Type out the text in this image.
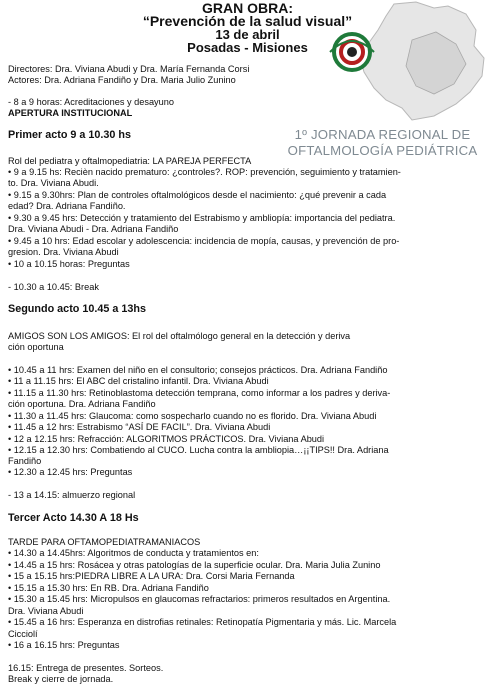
GRAN OBRA:
“Prevención de la salud visual”
13 de abril
Posadas - Misiones
1º JORNADA REGIONAL DE
OFTALMOLOGÍA PEDIÁTRICA
Directores: Dra. Viviana Abudi y Dra. María Fernanda Corsi
Actores: Dra. Adriana Fandiño y Dra. Maria Julio Zunino
- 8 a 9 horas: Acreditaciones y desayuno
APERTURA INSTITUCIONAL
Primer acto 9 a 10.30 hs
Rol del pediatra y oftalmopediatria: LA PAREJA PERFECTA
• 9 a 9.15 hs: Recièn nacido prematuro: ¿controles?. ROP: prevención, seguimiento y tratamien-
to. Dra. Viviana Abudi.
• 9.15 a 9.30hrs: Plan de controles oftalmológicos desde el nacimiento: ¿qué prevenir a cada
edad? Dra. Adriana Fandiño.
• 9.30 a 9.45 hrs: Detección y tratamiento del Estrabismo y ambliopía: importancia del pediatra.
Dra. Viviana Abudi - Dra. Adriana Fandiño
• 9.45 a 10 hrs: Edad escolar y adolescencia: incidencia de mopía, causas, y prevención de pro-
gresion. Dra. Viviana Abudi
• 10 a 10.15 horas: Preguntas
- 10.30 a 10.45: Break
Segundo acto 10.45 a 13hs
AMIGOS SON LOS AMIGOS: El rol del oftalmólogo general en la detección y deriva
ción oportuna
• 10.45 a 11 hrs: Examen del niño en el consultorio; consejos prácticos. Dra. Adriana Fandiño
• 11 a 11.15 hrs: El ABC del cristalino infantil. Dra. Viviana Abudi
• 11.15 a 11.30 hrs: Retinoblastoma detección temprana, como informar a los padres y deriva-
ción oportuna. Dra. Adriana Fandiño
• 11.30 a 11.45 hrs: Glaucoma: como sospecharlo cuando no es florido. Dra. Viviana Abudi
• 11.45 a 12 hrs: Estrabismo “ASÍ DE FACIL”. Dra. Viviana Abudi
• 12 a 12.15 hrs: Refracción: ALGORITMOS PRÁCTICOS. Dra. Viviana Abudi
• 12.15 a 12.30 hrs: Combatiendo al CUCO. Lucha contra la ambliopia…¡¡TIPS!! Dra. Adriana
Fandiño
• 12.30 a 12.45 hrs: Preguntas
- 13 a 14.15: almuerzo regional
Tercer Acto 14.30 A 18 Hs
TARDE PARA OFTAMOPEDIATRAMANIACOS
• 14.30 a 14.45hrs: Algoritmos de conducta y tratamientos en:
• 14.45 a 15 hrs: Rosácea y otras patologías de la superficie ocular. Dra. Maria Julia Zunino
• 15 a 15.15 hrs:PIEDRA LIBRE A LA URA: Dra. Corsi Maria Fernanda
• 15.15 a 15.30 hrs: En RB. Dra. Adriana Fandiño
• 15.30 a 15.45 hrs: Micropulsos en glaucomas refractarios: primeros resultados en Argentina.
Dra. Viviana Abudi
• 15.45 a 16 hrs: Esperanza en distrofias retinales: Retinopatía Pigmentaria y más. Lic. Marcela
Cicciolí
• 16 a 16.15 hrs: Preguntas
16.15: Entrega de presentes. Sorteos.
Break y cierre de jornada.
